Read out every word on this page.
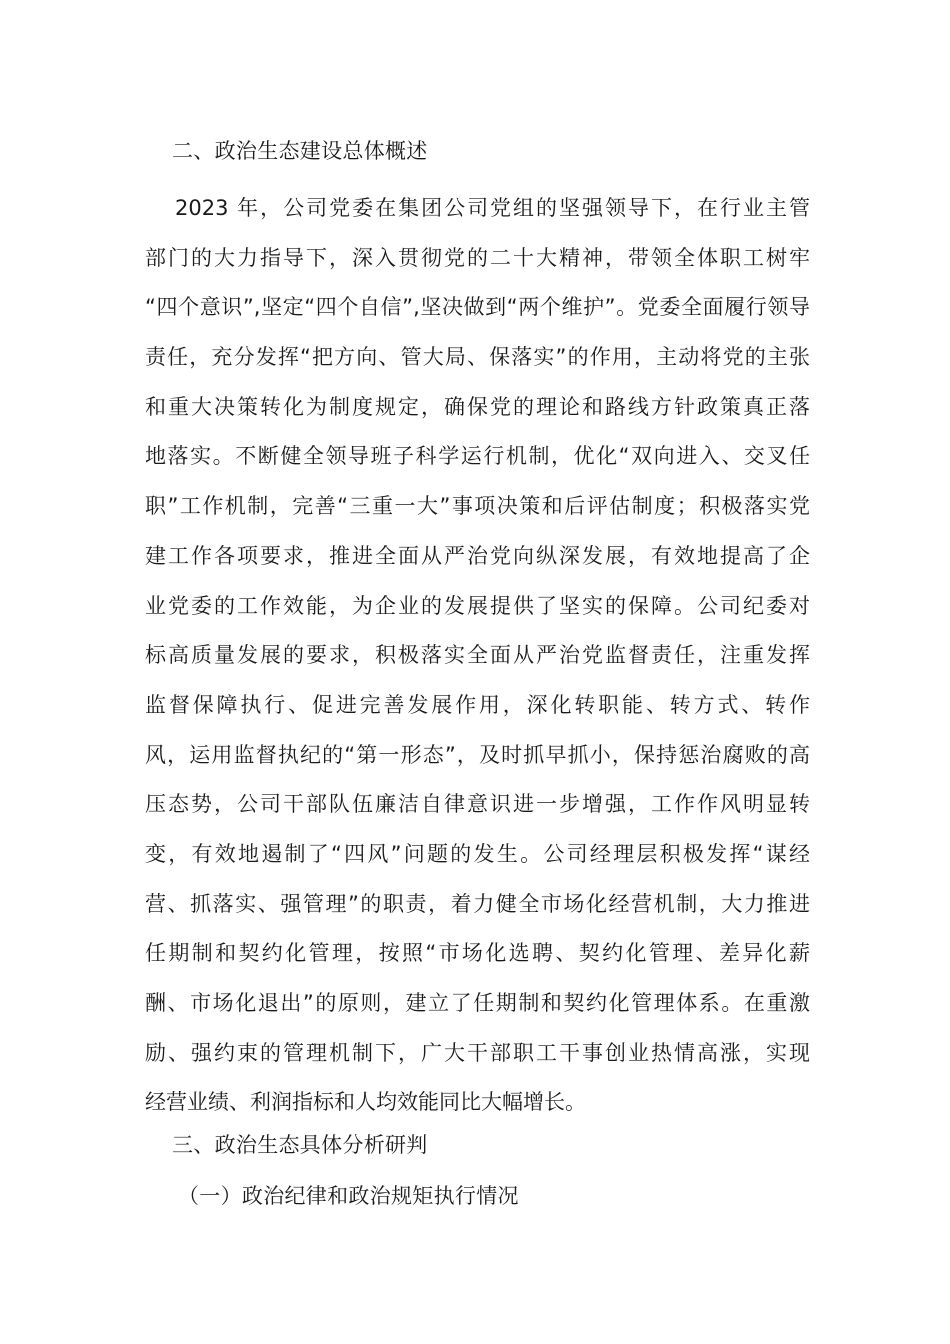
二、政治生态建设总体概述

2023 年，公司党委在集团公司党组的坚强领导下，在行业主管
部门的大力指导下，深入贯彻党的二十大精神，带领全体职工树牢
“四个意识”,坚定“四个自信”,坚决做到“两个维护”。党委全面履行领导
责任，充分发挥“把方向、管大局、保落实”的作用，主动将党的主张
和重大决策转化为制度规定，确保党的理论和路线方针政策真正落
地落实。不断健全领导班子科学运行机制，优化“双向进入、交叉任
职”工作机制，完善“三重一大”事项决策和后评估制度；积极落实党
建工作各项要求，推进全面从严治党向纵深发展，有效地提高了企
业党委的工作效能，为企业的发展提供了坚实的保障。公司纪委对
标高质量发展的要求，积极落实全面从严治党监督责任，注重发挥
监督保障执行、促进完善发展作用，深化转职能、转方式、转作
风，运用监督执纪的“第一形态”，及时抓早抓小，保持惩治腐败的高
压态势，公司干部队伍廉洁自律意识进一步增强，工作作风明显转
变，有效地遏制了“四风”问题的发生。公司经理层积极发挥“谋经
营、抓落实、强管理”的职责，着力健全市场化经营机制，大力推进
任期制和契约化管理，按照“市场化选聘、契约化管理、差异化薪
酬、市场化退出”的原则，建立了任期制和契约化管理体系。在重激
励、强约束的管理机制下，广大干部职工干事创业热情高涨，实现
经营业绩、利润指标和人均效能同比大幅增长。

三、政治生态具体分析研判
（一）政治纪律和政治规矩执行情况
